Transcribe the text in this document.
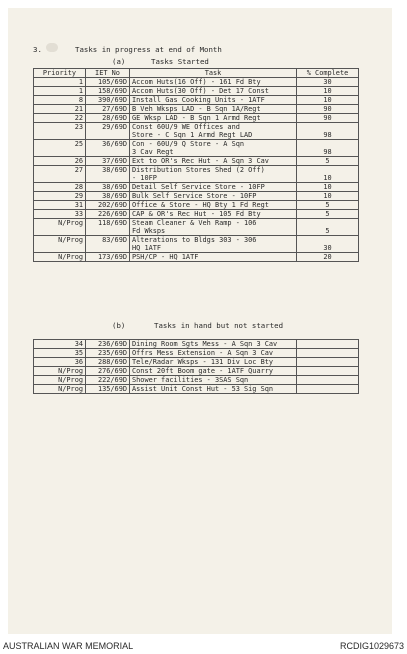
3.	Tasks in progress at end of Month
(a)	Tasks Started
Priority	IET No	Task	% Complete
1	105/69D	Accom Huts(16 Off) - 161 Fd Bty	30
1	158/69D	Accom Huts(30 Off) - Det 17 Const	10
8	390/69D	Install Gas Cooking Units - 1ATF	10
21	27/69D	B Veh Wksps LAD - B Sqn 1A/Regt	90
22	28/69D	GE Wksp LAD - B Sqn 1 Armd Regt	90
23	29/69D	Const 60U/9 WE Offices and
Store - C Sqn 1 Armd Regt LAD	98
25	36/69D	Con - 60U/9 Q Store - A Sqn
3 Cav Regt	98
26	37/69D	Ext to OR's Rec Hut - A Sqn 3 Cav	5
27	38/69D	Distribution Stores Shed (2 Off)
- 10FP	10
28	38/69D	Detail Self Service Store - 10FP	10
29	38/69D	Bulk Self Service Store - 10FP	10
31	202/69D	Office & Store - HQ Bty 1 Fd Regt	5
33	226/69D	CAP & OR's Rec Hut - 105 Fd Bty	5
N/Prog	118/69D	Steam Cleaner & Veh Ramp - 106
Fd Wksps	5
N/Prog	83/69D	Alterations to Bldgs 303 - 306
HQ 1ATF	30
N/Prog	173/69D	PSH/CP - HQ 1ATF	20
(b)	Tasks in hand but not started
34	236/69D	Dining Room Sgts Mess - A Sqn 3 Cav	
35	235/69D	Offrs Mess Extension - A Sqn 3 Cav	
36	288/69D	Tele/Radar Wksps - 131 Div Loc Bty	
N/Prog	276/69D	Const 20ft Boom gate - 1ATF Quarry	
N/Prog	222/69D	Shower facilities - 3SAS Sqn	
N/Prog	135/69D	Assist Unit Const Hut - 53 Sig Sqn	
AUSTRALIAN WAR MEMORIAL	RCDIG1029673
